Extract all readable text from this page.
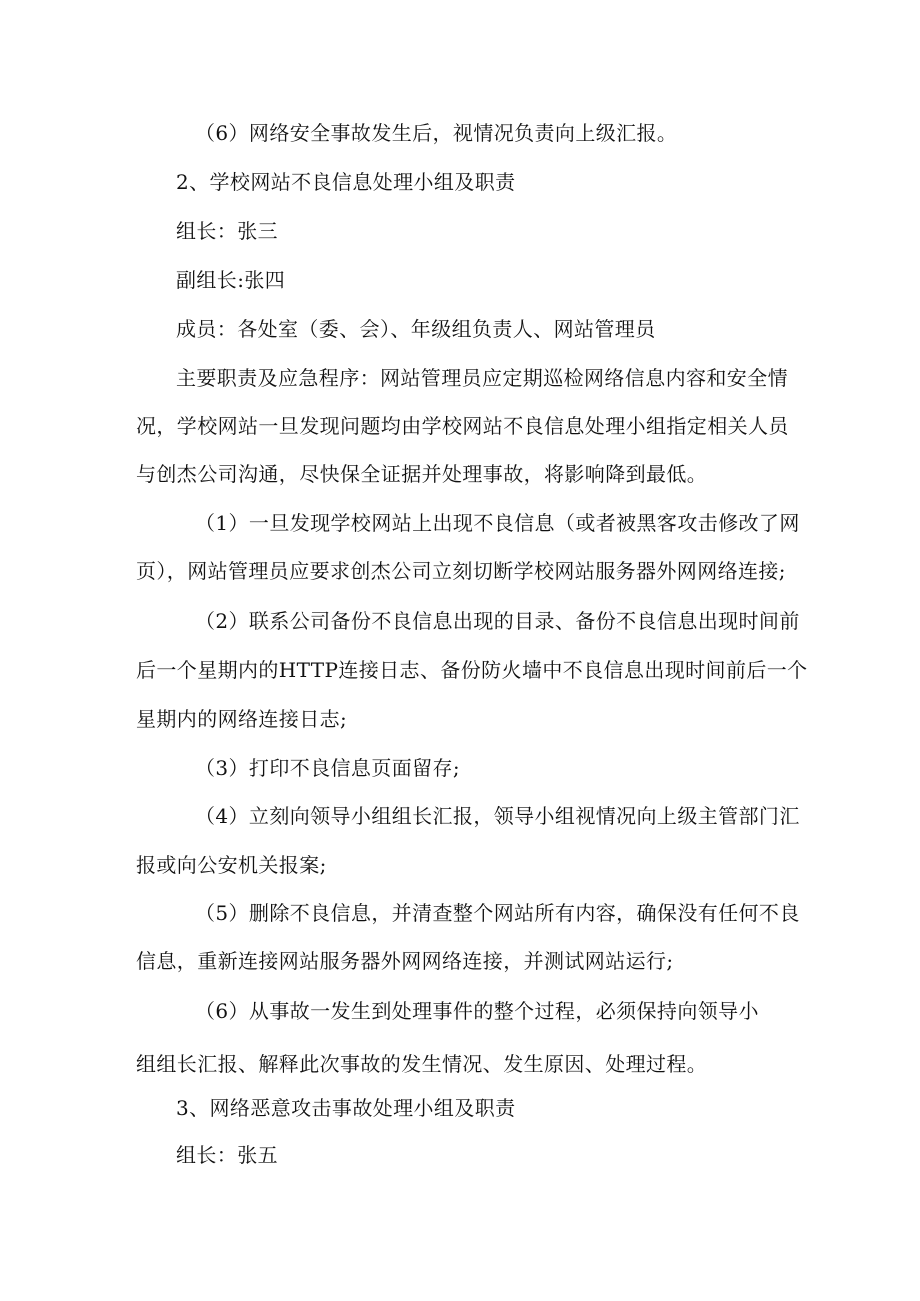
（6）网络安全事故发生后，视情况负责向上级汇报。
2、学校网站不良信息处理小组及职责
组长：张三
副组长:张四
成员：各处室（委、会）、年级组负责人、网站管理员
主要职责及应急程序：网站管理员应定期巡检网络信息内容和安全情
况，学校网站一旦发现问题均由学校网站不良信息处理小组指定相关人员
与创杰公司沟通，尽快保全证据并处理事故，将影响降到最低。
（1）一旦发现学校网站上出现不良信息（或者被黑客攻击修改了网
页），网站管理员应要求创杰公司立刻切断学校网站服务器外网网络连接;
（2）联系公司备份不良信息出现的目录、备份不良信息出现时间前
后一个星期内的HTTP连接日志、备份防火墙中不良信息出现时间前后一个
星期内的网络连接日志;
（3）打印不良信息页面留存;
（4）立刻向领导小组组长汇报，领导小组视情况向上级主管部门汇
报或向公安机关报案;
（5）删除不良信息，并清查整个网站所有内容，确保没有任何不良
信息，重新连接网站服务器外网网络连接，并测试网站运行;
（6）从事故一发生到处理事件的整个过程，必须保持向领导小
组组长汇报、解释此次事故的发生情况、发生原因、处理过程。
3、网络恶意攻击事故处理小组及职责
组长：张五
